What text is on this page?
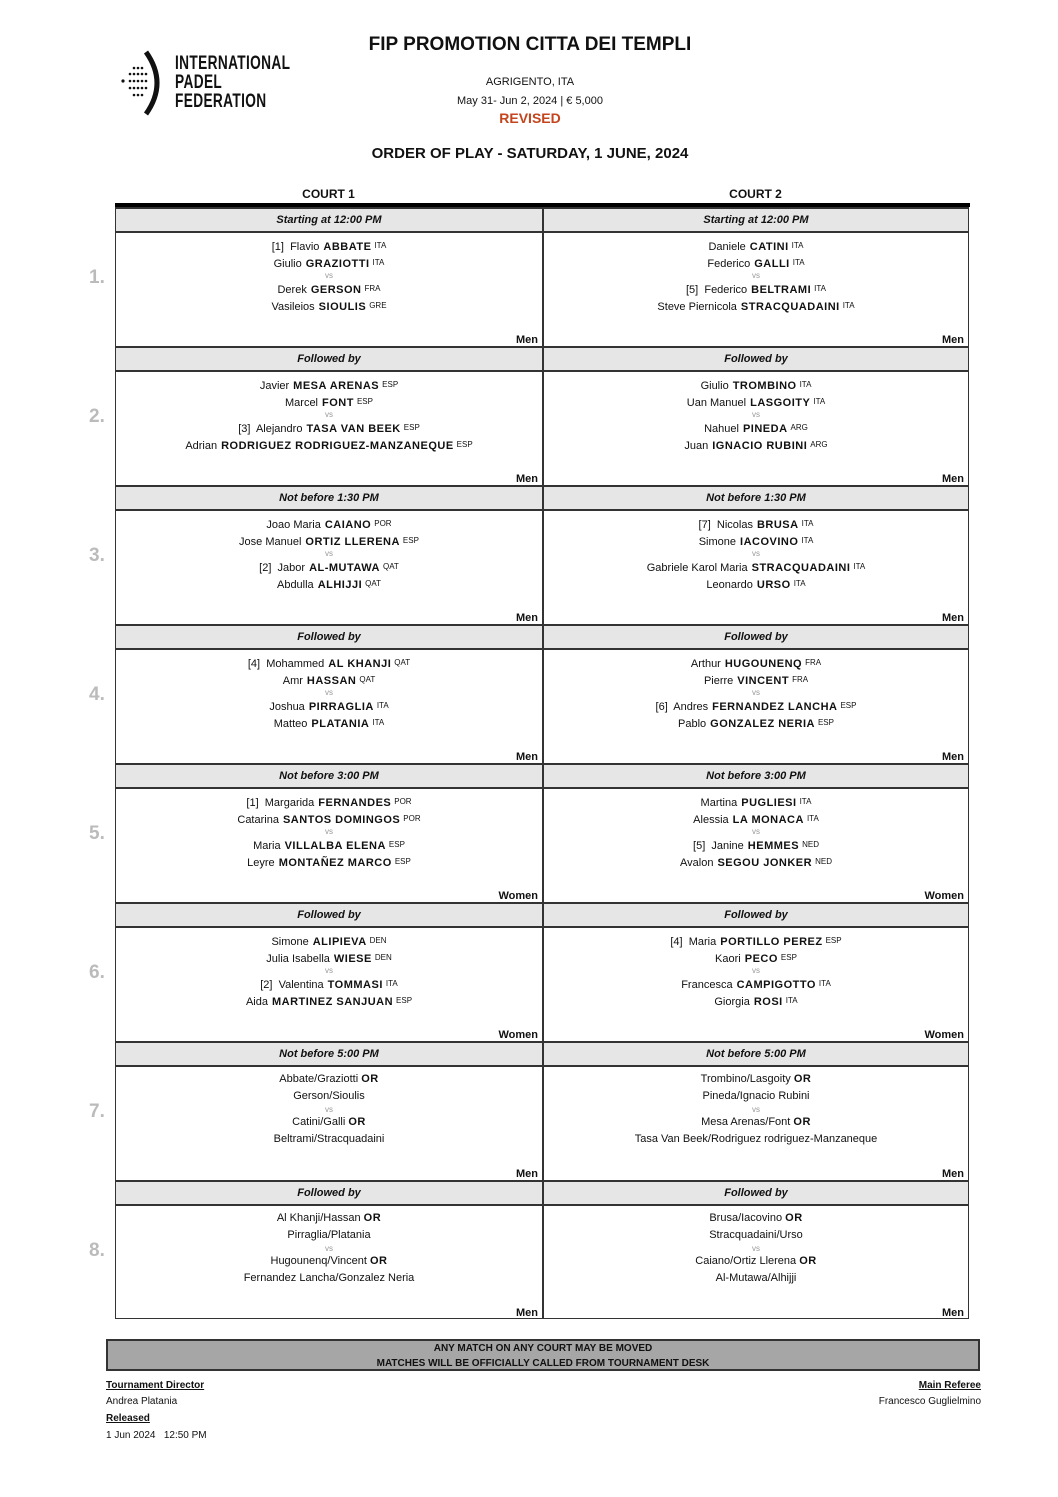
INTERNATIONAL
PADEL
FEDERATION
FIP PROMOTION CITTA DEI TEMPLI
AGRIGENTO, ITA
May 31- Jun 2, 2024 | € 5,000
REVISED
ORDER OF PLAY - SATURDAY, 1 JUNE, 2024
COURT 1	COURT 2
1.
Starting at 12:00 PM
[1] Flavio ABBATE ITA
Giulio GRAZIOTTI ITA
vs
Derek GERSON FRA
Vasileios SIOULIS GRE
Men
Starting at 12:00 PM
Daniele CATINI ITA
Federico GALLI ITA
vs
[5] Federico BELTRAMI ITA
Steve Piernicola STRACQUADAINI ITA
Men
2.
Followed by
Javier MESA ARENAS ESP
Marcel FONT ESP
vs
[3] Alejandro TASA VAN BEEK ESP
Adrian RODRIGUEZ RODRIGUEZ-MANZANEQUE ESP
Men
Followed by
Giulio TROMBINO ITA
Uan Manuel LASGOITY ITA
vs
Nahuel PINEDA ARG
Juan IGNACIO RUBINI ARG
Men
3.
Not before 1:30 PM
Joao Maria CAIANO POR
Jose Manuel ORTIZ LLERENA ESP
vs
[2] Jabor AL-MUTAWA QAT
Abdulla ALHIJJI QAT
Men
Not before 1:30 PM
[7] Nicolas BRUSA ITA
Simone IACOVINO ITA
vs
Gabriele Karol Maria STRACQUADAINI ITA
Leonardo URSO ITA
Men
4.
Followed by
[4] Mohammed AL KHANJI QAT
Amr HASSAN QAT
vs
Joshua PIRRAGLIA ITA
Matteo PLATANIA ITA
Men
Followed by
Arthur HUGOUNENQ FRA
Pierre VINCENT FRA
vs
[6] Andres FERNANDEZ LANCHA ESP
Pablo GONZALEZ NERIA ESP
Men
5.
Not before 3:00 PM
[1] Margarida FERNANDES POR
Catarina SANTOS DOMINGOS POR
vs
Maria VILLALBA ELENA ESP
Leyre MONTAÑEZ MARCO ESP
Women
Not before 3:00 PM
Martina PUGLIESI ITA
Alessia LA MONACA ITA
vs
[5] Janine HEMMES NED
Avalon SEGOU JONKER NED
Women
6.
Followed by
Simone ALIPIEVA DEN
Julia Isabella WIESE DEN
vs
[2] Valentina TOMMASI ITA
Aida MARTINEZ SANJUAN ESP
Women
Followed by
[4] Maria PORTILLO PEREZ ESP
Kaori PECO ESP
vs
Francesca CAMPIGOTTO ITA
Giorgia ROSI ITA
Women
7.
Not before 5:00 PM
Abbate/Graziotti OR
Gerson/Sioulis
vs
Catini/Galli OR
Beltrami/Stracquadaini
Men
Not before 5:00 PM
Trombino/Lasgoity OR
Pineda/Ignacio Rubini
vs
Mesa Arenas/Font OR
Tasa Van Beek/Rodriguez rodriguez-Manzaneque
Men
8.
Followed by
Al Khanji/Hassan OR
Pirraglia/Platania
vs
Hugounenq/Vincent OR
Fernandez Lancha/Gonzalez Neria
Men
Followed by
Brusa/Iacovino OR
Stracquadaini/Urso
vs
Caiano/Ortiz Llerena OR
Al-Mutawa/Alhijji
Men
ANY MATCH ON ANY COURT MAY BE MOVED
MATCHES WILL BE OFFICIALLY CALLED FROM TOURNAMENT DESK
Tournament Director
Andrea Platania
Released
1 Jun 2024   12:50 PM
Main Referee
Francesco Guglielmino
